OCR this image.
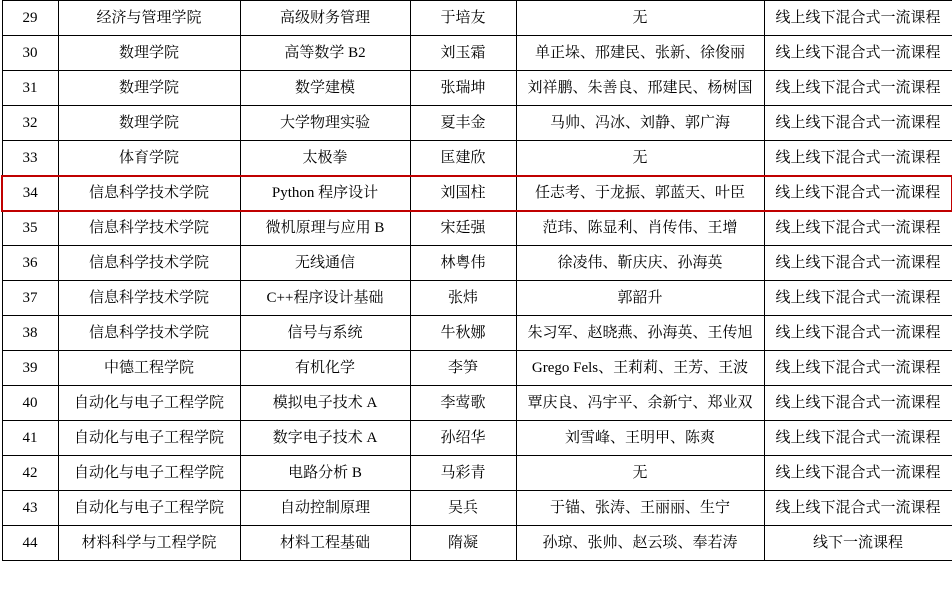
29	经济与管理学院	高级财务管理	于培友	无	线上线下混合式一流课程
30	数理学院	高等数学 B2	刘玉霜	单正垛、邢建民、张新、徐俊丽	线上线下混合式一流课程
31	数理学院	数学建模	张瑞坤	刘祥鹏、朱善良、邢建民、杨树国	线上线下混合式一流课程
32	数理学院	大学物理实验	夏丰金	马帅、冯冰、刘静、郭广海	线上线下混合式一流课程
33	体育学院	太极拳	匡建欣	无	线上线下混合式一流课程
34	信息科学技术学院	Python 程序设计	刘国柱	任志考、于龙振、郭蓝天、叶臣	线上线下混合式一流课程
35	信息科学技术学院	微机原理与应用 B	宋廷强	范玮、陈显利、肖传伟、王增	线上线下混合式一流课程
36	信息科学技术学院	无线通信	林粤伟	徐凌伟、靳庆庆、孙海英	线上线下混合式一流课程
37	信息科学技术学院	C++程序设计基础	张炜	郭韶升	线上线下混合式一流课程
38	信息科学技术学院	信号与系统	牛秋娜	朱习军、赵晓燕、孙海英、王传旭	线上线下混合式一流课程
39	中德工程学院	有机化学	李笋	Grego Fels、王莉莉、王芳、王波	线上线下混合式一流课程
40	自动化与电子工程学院	模拟电子技术 A	李莺歌	覃庆良、冯宇平、余新宁、郑业双	线上线下混合式一流课程
41	自动化与电子工程学院	数字电子技术 A	孙绍华	刘雪峰、王明甲、陈爽	线上线下混合式一流课程
42	自动化与电子工程学院	电路分析 B	马彩青	无	线上线下混合式一流课程
43	自动化与电子工程学院	自动控制原理	吴兵	于锚、张涛、王丽丽、生宁	线上线下混合式一流课程
44	材料科学与工程学院	材料工程基础	隋凝	孙琼、张帅、赵云琰、奉若涛	线下一流课程
